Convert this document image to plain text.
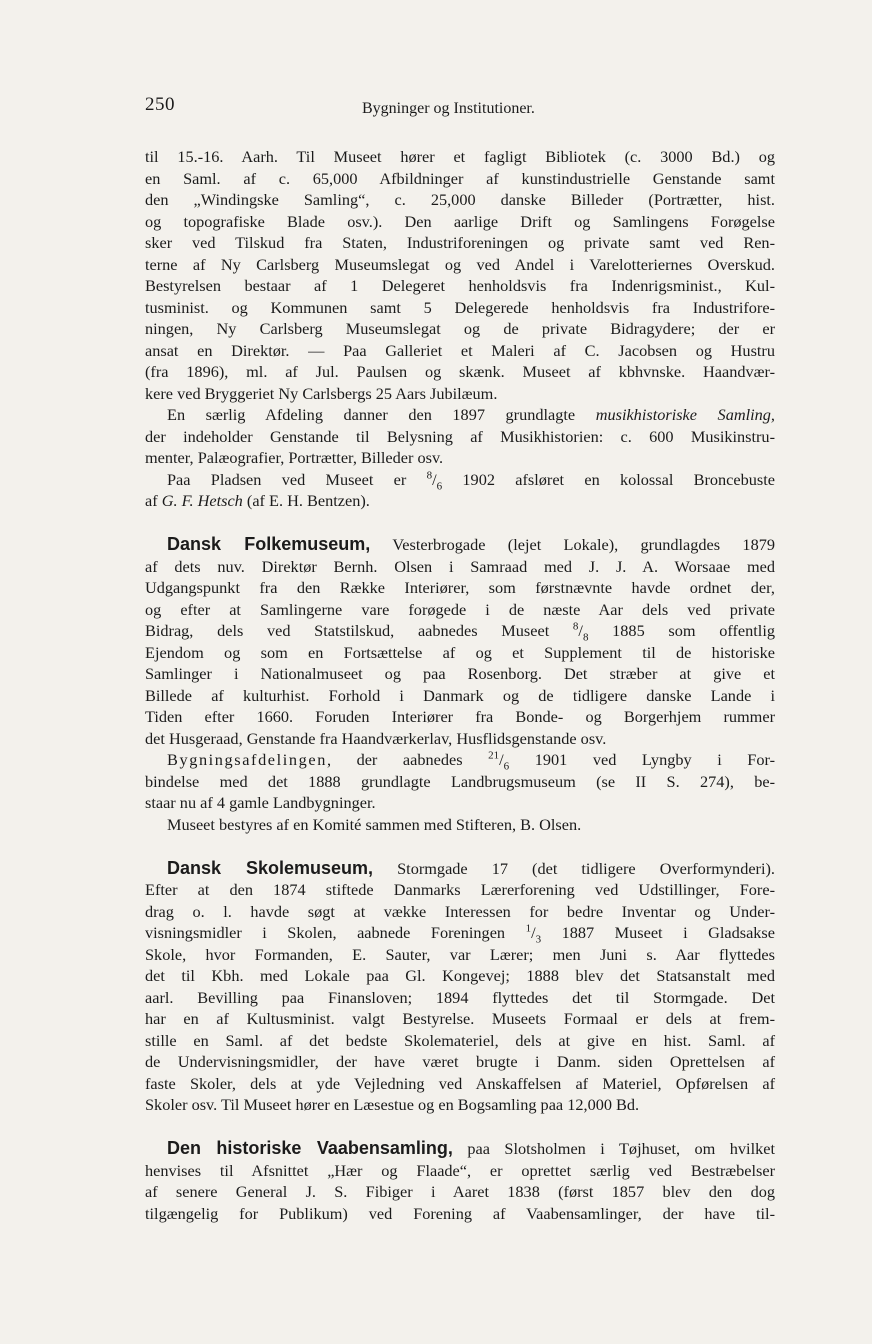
250	Bygninger og Institutioner.
til 15.-16. Aarh. Til Museet hører et fagligt Bibliotek (c. 3000 Bd.) og
en Saml. af c. 65,000 Afbildninger af kunstindustrielle Genstande samt
den „Windingske Samling“, c. 25,000 danske Billeder (Portrætter, hist.
og topografiske Blade osv.). Den aarlige Drift og Samlingens Forøgelse
sker ved Tilskud fra Staten, Industriforeningen og private samt ved Ren-
terne af Ny Carlsberg Museumslegat og ved Andel i Varelotteriernes Overskud.
Bestyrelsen bestaar af 1 Delegeret henholdsvis fra Indenrigsminist., Kul-
tusminist. og Kommunen samt 5 Delegerede henholdsvis fra Industrifore-
ningen, Ny Carlsberg Museumslegat og de private Bidragydere; der er
ansat en Direktør. — Paa Galleriet et Maleri af C. Jacobsen og Hustru
(fra 1896), ml. af Jul. Paulsen og skænk. Museet af kbhvnske. Haandvær-
kere ved Bryggeriet Ny Carlsbergs 25 Aars Jubilæum.
En særlig Afdeling danner den 1897 grundlagte musikhistoriske Samling,
der indeholder Genstande til Belysning af Musikhistorien: c. 600 Musikinstru-
menter, Palæografier, Portrætter, Billeder osv.
Paa Pladsen ved Museet er $^8/_6$ 1902 afsløret en kolossal Broncebuste
af G. F. Hetsch (af E. H. Bentzen).
Dansk Folkemuseum, Vesterbrogade (lejet Lokale), grundlagdes 1879
af dets nuv. Direktør Bernh. Olsen i Samraad med J. J. A. Worsaae med
Udgangspunkt fra den Række Interiører, som førstnævnte havde ordnet der,
og efter at Samlingerne vare forøgede i de næste Aar dels ved private
Bidrag, dels ved Statstilskud, aabnedes Museet $^8/_8$ 1885 som offentlig
Ejendom og som en Fortsættelse af og et Supplement til de historiske
Samlinger i Nationalmuseet og paa Rosenborg. Det stræber at give et
Billede af kulturhist. Forhold i Danmark og de tidligere danske Lande i
Tiden efter 1660. Foruden Interiører fra Bonde- og Borgerhjem rummer
det Husgeraad, Genstande fra Haandværkerlav, Husflidsgenstande osv.
Bygningsafdelingen, der aabnedes $^{21}/_6$ 1901 ved Lyngby i For-
bindelse med det 1888 grundlagte Landbrugsmuseum (se II S. 274), be-
staar nu af 4 gamle Landbygninger.
Museet bestyres af en Komité sammen med Stifteren, B. Olsen.
Dansk Skolemuseum, Stormgade 17 (det tidligere Overformynderi).
Efter at den 1874 stiftede Danmarks Lærerforening ved Udstillinger, Fore-
drag o. l. havde søgt at vække Interessen for bedre Inventar og Under-
visningsmidler i Skolen, aabnede Foreningen $^1/_3$ 1887 Museet i Gladsakse
Skole, hvor Formanden, E. Sauter, var Lærer; men Juni s. Aar flyttedes
det til Kbh. med Lokale paa Gl. Kongevej; 1888 blev det Statsanstalt med
aarl. Bevilling paa Finansloven; 1894 flyttedes det til Stormgade. Det
har en af Kultusminist. valgt Bestyrelse. Museets Formaal er dels at frem-
stille en Saml. af det bedste Skolemateriel, dels at give en hist. Saml. af
de Undervisningsmidler, der have været brugte i Danm. siden Oprettelsen af
faste Skoler, dels at yde Vejledning ved Anskaffelsen af Materiel, Opførelsen af
Skoler osv. Til Museet hører en Læsestue og en Bogsamling paa 12,000 Bd.
Den historiske Vaabensamling, paa Slotsholmen i Tøjhuset, om hvilket
henvises til Afsnittet „Hær og Flaade“, er oprettet særlig ved Bestræbelser
af senere General J. S. Fibiger i Aaret 1838 (først 1857 blev den dog
tilgængelig for Publikum) ved Forening af Vaabensamlinger, der have til-
